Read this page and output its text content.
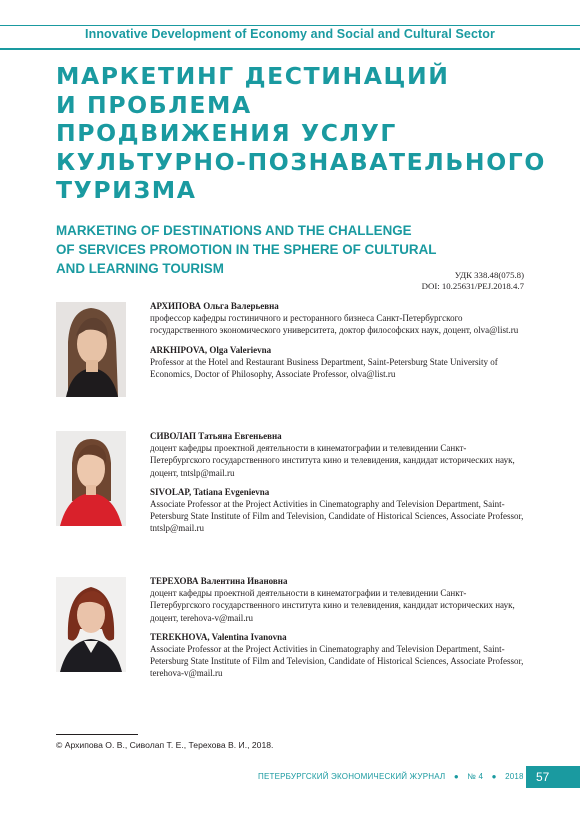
Innovative Development of Economy and Social and Cultural Sector
МАРКЕТИНГ ДЕСТИНАЦИЙ
И ПРОБЛЕМА
ПРОДВИЖЕНИЯ УСЛУГ
КУЛЬТУРНО-ПОЗНАВАТЕЛЬНОГО
ТУРИЗМА
MARKETING OF DESTINATIONS AND THE CHALLENGE
OF SERVICES PROMOTION IN THE SPHERE OF CULTURAL
AND LEARNING TOURISM	УДК 338.48(075.8)
DOI: 10.25631/PEJ.2018.4.7
АРХИПОВА Ольга Валерьевна
профессор кафедры гостиничного и ресторанного бизнеса Санкт-Петербургского государственного экономического университета, доктор философских наук, доцент, olva@list.ru
ARKHIPOVA, Olga Valerievna
Professor at the Hotel and Restaurant Business Department, Saint-Petersburg State University of Economics, Doctor of Philosophy, Associate Professor, olva@list.ru
СИВОЛАП Татьяна Евгеньевна
доцент кафедры проектной деятельности в кинематографии и телевидении Санкт-Петербургского государственного института кино и телевидения, кандидат исторических наук, доцент, tntslp@mail.ru
SIVOLAP, Tatiana Evgenievna
Associate Professor at the Project Activities in Cinematography and Television Department, Saint-Petersburg State Institute of Film and Television, Candidate of Historical Sciences, Associate Professor, tntslp@mail.ru
ТЕРЕХОВА Валентина Ивановна
доцент кафедры проектной деятельности в кинематографии и телевидении Санкт-Петербургского государственного института кино и телевидения, кандидат исторических наук, доцент, terehova-v@mail.ru
TEREKHOVA, Valentina Ivanovna
Associate Professor at the Project Activities in Cinematography and Television Department, Saint-Petersburg State Institute of Film and Television, Candidate of Historical Sciences, Associate Professor, terehova-v@mail.ru
© Архипова О. В., Сиволап Т. Е., Терехова В. И., 2018.
ПЕТЕРБУРГСКИЙ ЭКОНОМИЧЕСКИЙ ЖУРНАЛ ● № 4 ● 2018	57
